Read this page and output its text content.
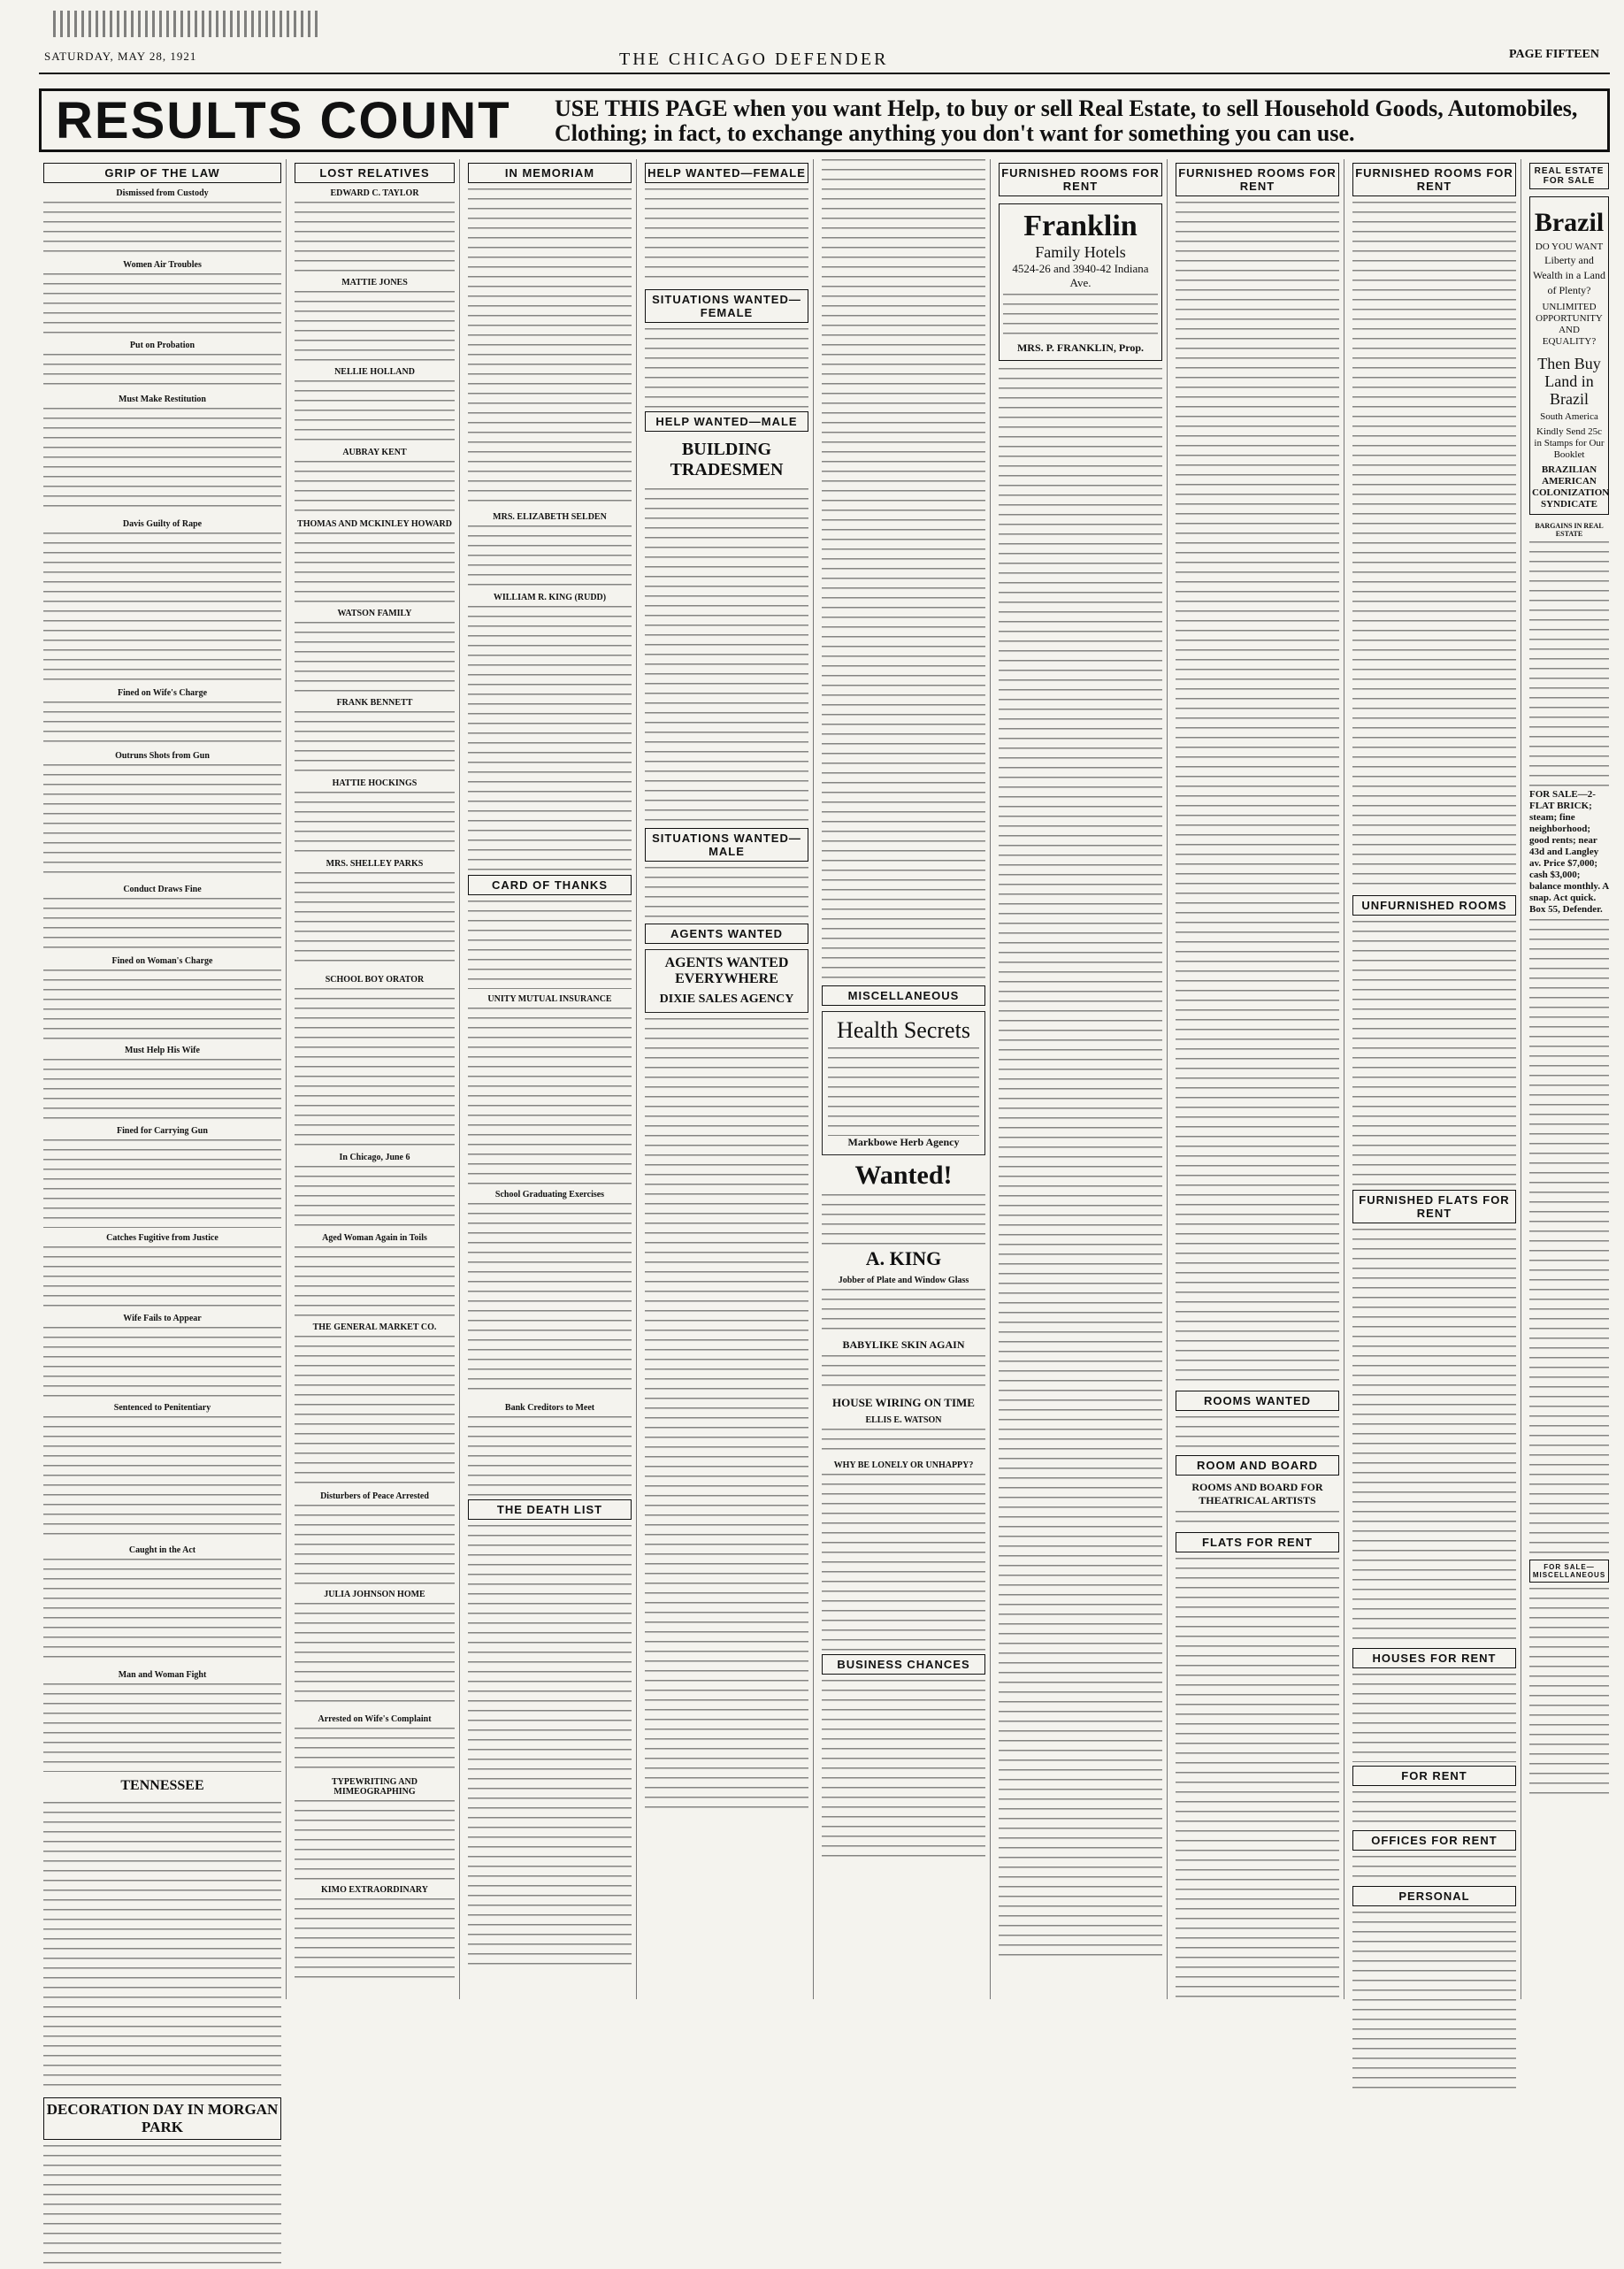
SATURDAY, MAY 28, 1921	THE CHICAGO DEFENDER	PAGE FIFTEEN
RESULTS COUNT USE THIS PAGE when you want Help, to buy or sell Real Estate, to sell Household Goods, Automobiles, Clothing; in fact, to exchange anything you don't want for something you can use.
GRIP OF THE LAW
Dismissed from Custody
Women Air Troubles
Put on Probation
Must Make Restitution
Davis Guilty of Rape
Fined on Wife's Charge
Outruns Shots from Gun
Conduct Draws Fine
Fined on Woman's Charge
Must Help His Wife
Fined for Carrying Gun
Catches Fugitive from Justice
Wife Fails to Appear
Sentenced to Penitentiary
Caught in the Act
Man and Woman Fight
TENNESSEE
DECORATION DAY IN MORGAN PARK
LOST RELATIVES
EDWARD C. TAYLOR
MATTIE JONES
NELLIE HOLLAND
AUBRAY KENT
THOMAS AND MCKINLEY HOWARD
WATSON FAMILY
FRANK BENNETT
HATTIE HOCKINGS
MRS. SHELLEY PARKS
SCHOOL BOY ORATOR
In Chicago, June 6
Aged Woman Again in Toils
THE GENERAL MARKET CO.
Disturbers of Peace Arrested
JULIA JOHNSON HOME
Arrested on Wife's Complaint
TYPEWRITING AND MIMEOGRAPHING
KIMO EXTRAORDINARY
IN MEMORIAM
MRS. ELIZABETH SELDEN
WILLIAM R. KING (RUDD)
CARD OF THANKS
UNITY MUTUAL INSURANCE
School Graduating Exercises
Bank Creditors to Meet
THE DEATH LIST
HELP WANTED—FEMALE
SITUATIONS WANTED—FEMALE
HELP WANTED—MALE
BUILDING TRADESMEN
SITUATIONS WANTED—MALE
AGENTS WANTED
AGENTS WANTED EVERYWHERE
DIXIE SALES AGENCY	MISCELLANEOUS
Health Secrets
Markbowe Herb Agency
Wanted!
A. KING
Jobber of Plate and Window Glass
BABYLIKE SKIN AGAIN
HOUSE WIRING ON TIME
ELLIS E. WATSON
WHY BE LONELY OR UNHAPPY?
BUSINESS CHANCES
FURNISHED ROOMS FOR RENT
Franklin
Family Hotels
4524-26 and 3940-42 Indiana Ave.
MRS. P. FRANKLIN, Prop.
FURNISHED ROOMS FOR RENT
ROOMS WANTED
ROOM AND BOARD
ROOMS AND BOARD FOR THEATRICAL ARTISTS
FLATS FOR RENT
FURNISHED ROOMS FOR RENT
UNFURNISHED ROOMS
FURNISHED FLATS FOR RENT
HOUSES FOR RENT
FOR RENT
OFFICES FOR RENT
PERSONAL
REAL ESTATE FOR SALE
Brazil
DO YOU WANT
Liberty and Wealth in a Land of Plenty?
UNLIMITED OPPORTUNITY AND EQUALITY?
Then Buy Land in Brazil
South America
Kindly Send 25c in Stamps for Our Booklet
BRAZILIAN AMERICAN COLONIZATION SYNDICATE
BARGAINS IN REAL ESTATE
FOR SALE—2-FLAT BRICK; steam; fine neighborhood; good rents; near 43d and Langley av. Price $7,000; cash $3,000; balance monthly. A snap. Act quick. Box 55, Defender.
FOR SALE—MISCELLANEOUS
